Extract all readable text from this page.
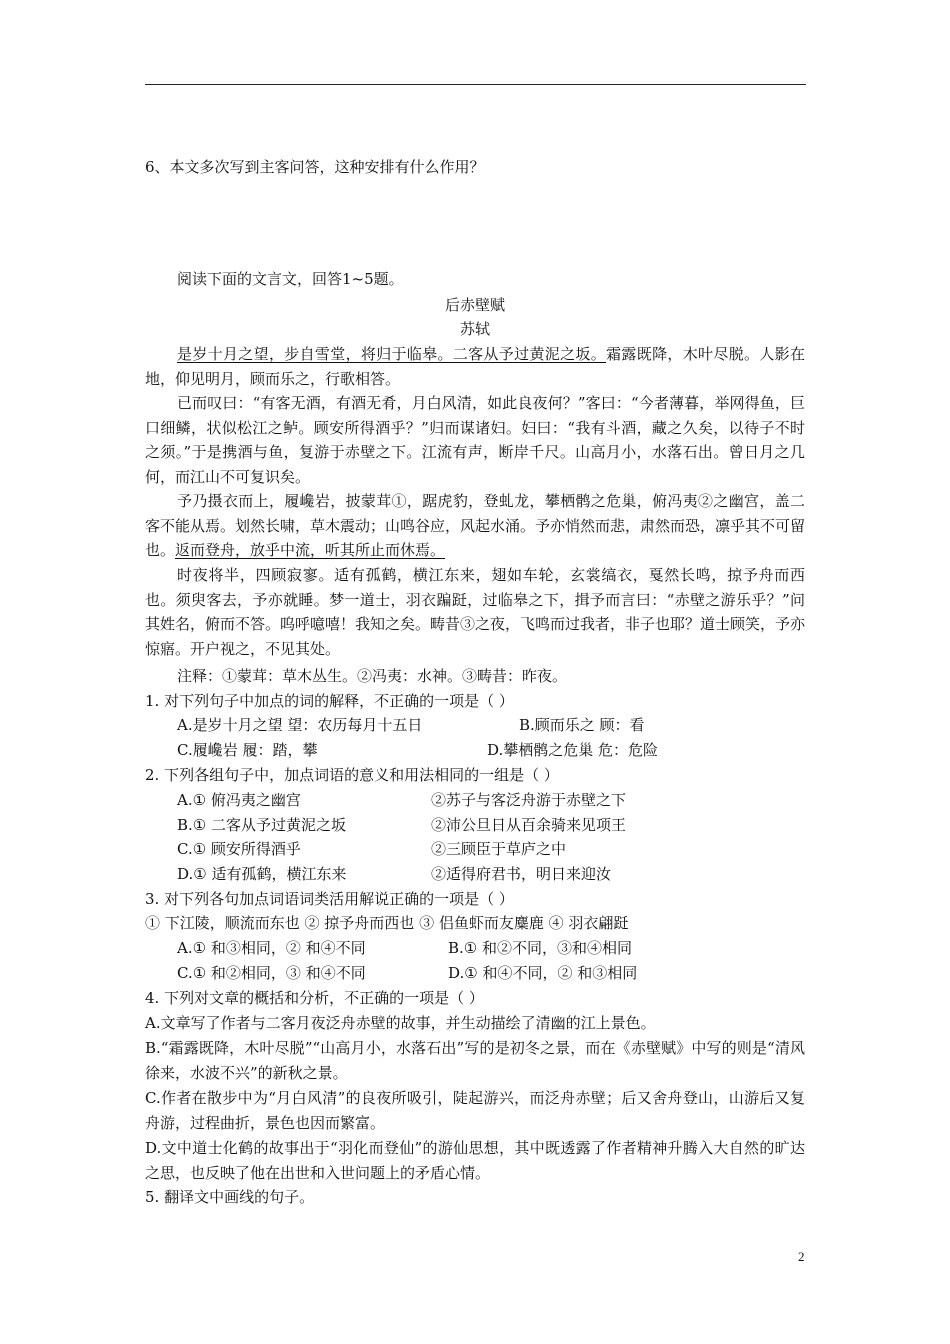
6、本文多次写到主客问答，这种安排有什么作用？
阅读下面的文言文，回答1~5题。
后赤壁赋
苏轼
是岁十月之望，步自雪堂，将归于临皋。二客从予过黄泥之坂。霜露既降，木叶尽脱。人影在地，仰见明月，顾而乐之，行歌相答。
已而叹曰：“有客无酒，有酒无肴，月白风清，如此良夜何？”客曰：“今者薄暮，举网得鱼，巨口细鳞，状似松江之鲈。顾安所得酒乎？”归而谋诸妇。妇曰：“我有斗酒，藏之久矣，以待子不时之须。”于是携酒与鱼，复游于赤壁之下。江流有声，断岸千尺。山高月小，水落石出。曾日月之几何，而江山不可复识矣。
予乃摄衣而上，履巉岩，披蒙茸①，踞虎豹，登虬龙，攀栖鹘之危巢，俯冯夷②之幽宫，盖二客不能从焉。划然长啸，草木震动；山鸣谷应，风起水涌。予亦悄然而悲，肃然而恐，凛乎其不可留也。返而登舟，放乎中流，听其所止而休焉。
时夜将半，四顾寂寥。适有孤鹤，横江东来，翅如车轮，玄裳缟衣，戛然长鸣，掠予舟而西也。须臾客去，予亦就睡。梦一道士，羽衣蹁跹，过临皋之下，揖予而言曰：“赤壁之游乐乎？”问其姓名，俯而不答。呜呼噫嘻！我知之矣。畴昔③之夜，飞鸣而过我者，非子也耶？道士顾笑，予亦惊寤。开户视之，不见其处。
注释：①蒙茸：草木丛生。②冯夷：水神。③畴昔：昨夜。
1. 对下列句子中加点的词的解释，不正确的一项是（ ）
A.是岁十月之望 望：农历每月十五日	B.顾而乐之 顾：看
C.履巉岩 履：踏，攀	D.攀栖鹘之危巢 危：危险
2. 下列各组句子中，加点词语的意义和用法相同的一组是（ ）
A.① 俯冯夷之幽宫	②苏子与客泛舟游于赤壁之下
B.① 二客从予过黄泥之坂	②沛公旦日从百余骑来见项王
C.① 顾安所得酒乎	②三顾臣于草庐之中
D.① 适有孤鹤，横江东来	②适得府君书，明日来迎汝
3. 对下列各句加点词语词类活用解说正确的一项是（ ）
① 下江陵，顺流而东也 ② 掠予舟而西也 ③ 侣鱼虾而友麋鹿 ④ 羽衣翩跹
A.① 和③相同，② 和④不同	B.① 和②不同，③和④相同
C.① 和②相同，③ 和④不同	D.① 和④不同，② 和③相同
4. 下列对文章的概括和分析，不正确的一项是（ ）
A.文章写了作者与二客月夜泛舟赤壁的故事，并生动描绘了清幽的江上景色。
B.“霜露既降，木叶尽脱”“山高月小，水落石出”写的是初冬之景，而在《赤壁赋》中写的则是“清风徐来，水波不兴”的新秋之景。
C.作者在散步中为“月白风清”的良夜所吸引，陡起游兴，而泛舟赤壁；后又舍舟登山，山游后又复舟游，过程曲折，景色也因而繁富。
D.文中道士化鹤的故事出于“羽化而登仙”的游仙思想，其中既透露了作者精神升腾入大自然的旷达之思，也反映了他在出世和入世问题上的矛盾心情。
5. 翻译文中画线的句子。
2
